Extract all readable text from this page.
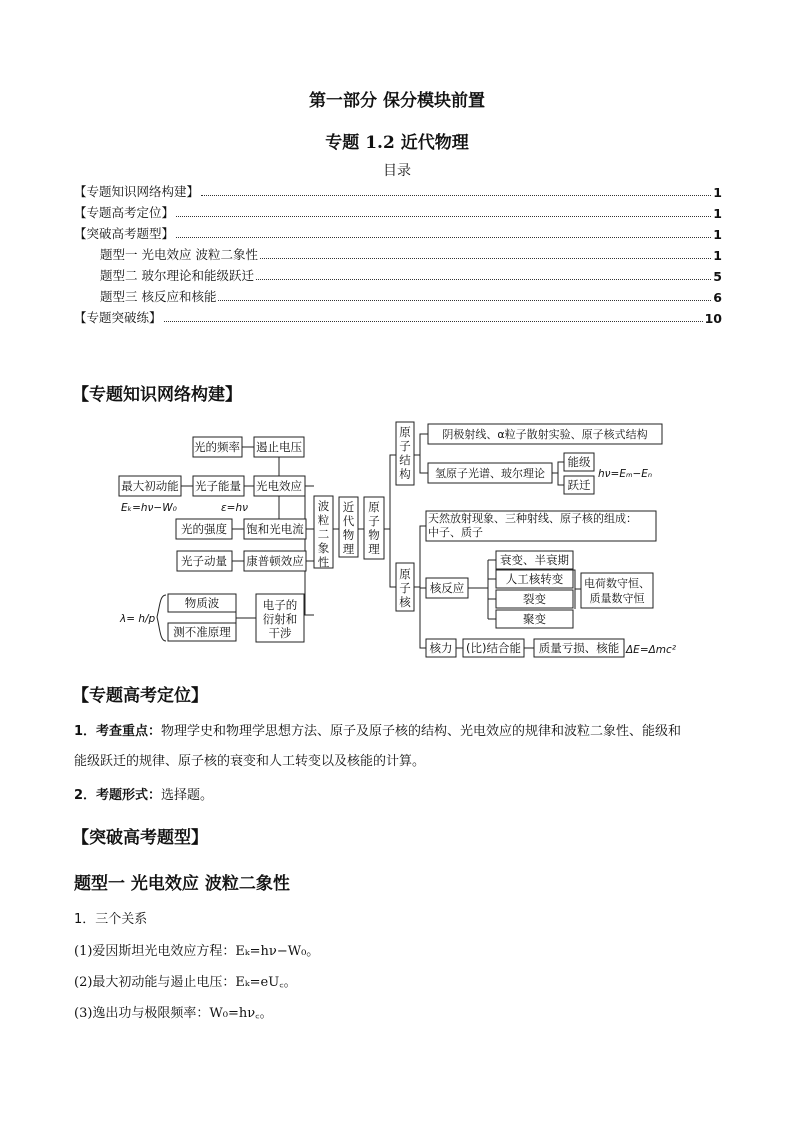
第一部分 保分模块前置
专题 1.2 近代物理
目录
【专题知识网络构建】	1
【专题高考定位】	1
【突破高考题型】	1
题型一 光电效应 波粒二象性	1
题型二 玻尔理论和能级跃迁	5
题型三 核反应和核能	6
【专题突破练】	10
【专题知识网络构建】
光的频率 遏止电压
最大初动能 光子能量 光电效应
光的强度 饱和光电流
光子动量 康普顿效应
物质波
测不准原理
电子的
衍射和
干涉
波
粒
二
象
性
近
代
物
理
原
子
物
理
原
子
结
构
阴极射线、α粒子散射实验、原子核式结构
氢原子光谱、玻尔理论
能级
跃迁
原
子
核
核反应
衰变、半衰期
人工核转变
裂变
聚变
电荷数守恒、
质量数守恒
核力 (比)结合能 质量亏损、核能
Eₖ=hν−W₀	ε=hν
λ= h/p
hν=Eₘ−Eₙ
ΔE=Δmc²
天然放射现象、三种射线、原子核的组成：
中子、质子
【专题高考定位】
1．考查重点：物理学史和物理学思想方法、原子及原子核的结构、光电效应的规律和波粒二象性、能级和
能级跃迁的规律、原子核的衰变和人工转变以及核能的计算。
2．考题形式：选择题。
【突破高考题型】
题型一 光电效应 波粒二象性
1．三个关系
(1)爱因斯坦光电效应方程：Eₖ=hν−W₀。
(2)最大初动能与遏止电压：Eₖ=eU꜀。
(3)逸出功与极限频率：W₀=hν꜀。
